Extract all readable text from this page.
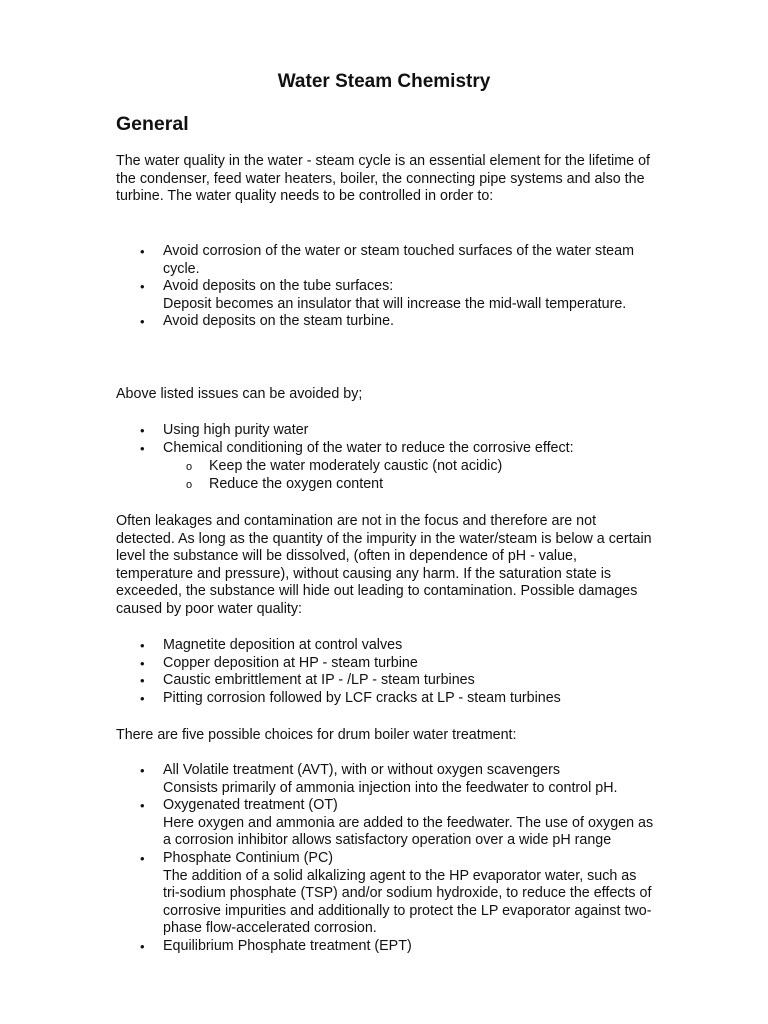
Water Steam Chemistry
General

The water quality in the water - steam cycle is an essential element for the lifetime of the condenser, feed water heaters, boiler, the connecting pipe systems and also the turbine. The water quality needs to be controlled in order to:

• Avoid corrosion of the water or steam touched surfaces of the water steam cycle.
• Avoid deposits on the tube surfaces:
Deposit becomes an insulator that will increase the mid-wall temperature.
• Avoid deposits on the steam turbine.

Above listed issues can be avoided by;

• Using high purity water
• Chemical conditioning of the water to reduce the corrosive effect:
o Keep the water moderately caustic (not acidic)
o Reduce the oxygen content

Often leakages and contamination are not in the focus and therefore are not detected. As long as the quantity of the impurity in the water/steam is below a certain level the substance will be dissolved, (often in dependence of pH - value, temperature and pressure), without causing any harm. If the saturation state is exceeded, the substance will hide out leading to contamination. Possible damages caused by poor water quality:

• Magnetite deposition at control valves
• Copper deposition at HP - steam turbine
• Caustic embrittlement at IP - /LP - steam turbines
• Pitting corrosion followed by LCF cracks at LP - steam turbines

There are five possible choices for drum boiler water treatment:

• All Volatile treatment (AVT), with or without oxygen scavengers
Consists primarily of ammonia injection into the feedwater to control pH.
• Oxygenated treatment (OT)
Here oxygen and ammonia are added to the feedwater. The use of oxygen as a corrosion inhibitor allows satisfactory operation over a wide pH range
• Phosphate Continium (PC)
The addition of a solid alkalizing agent to the HP evaporator water, such as tri-sodium phosphate (TSP) and/or sodium hydroxide, to reduce the effects of corrosive impurities and additionally to protect the LP evaporator against two-phase flow-accelerated corrosion.
• Equilibrium Phosphate treatment (EPT)
